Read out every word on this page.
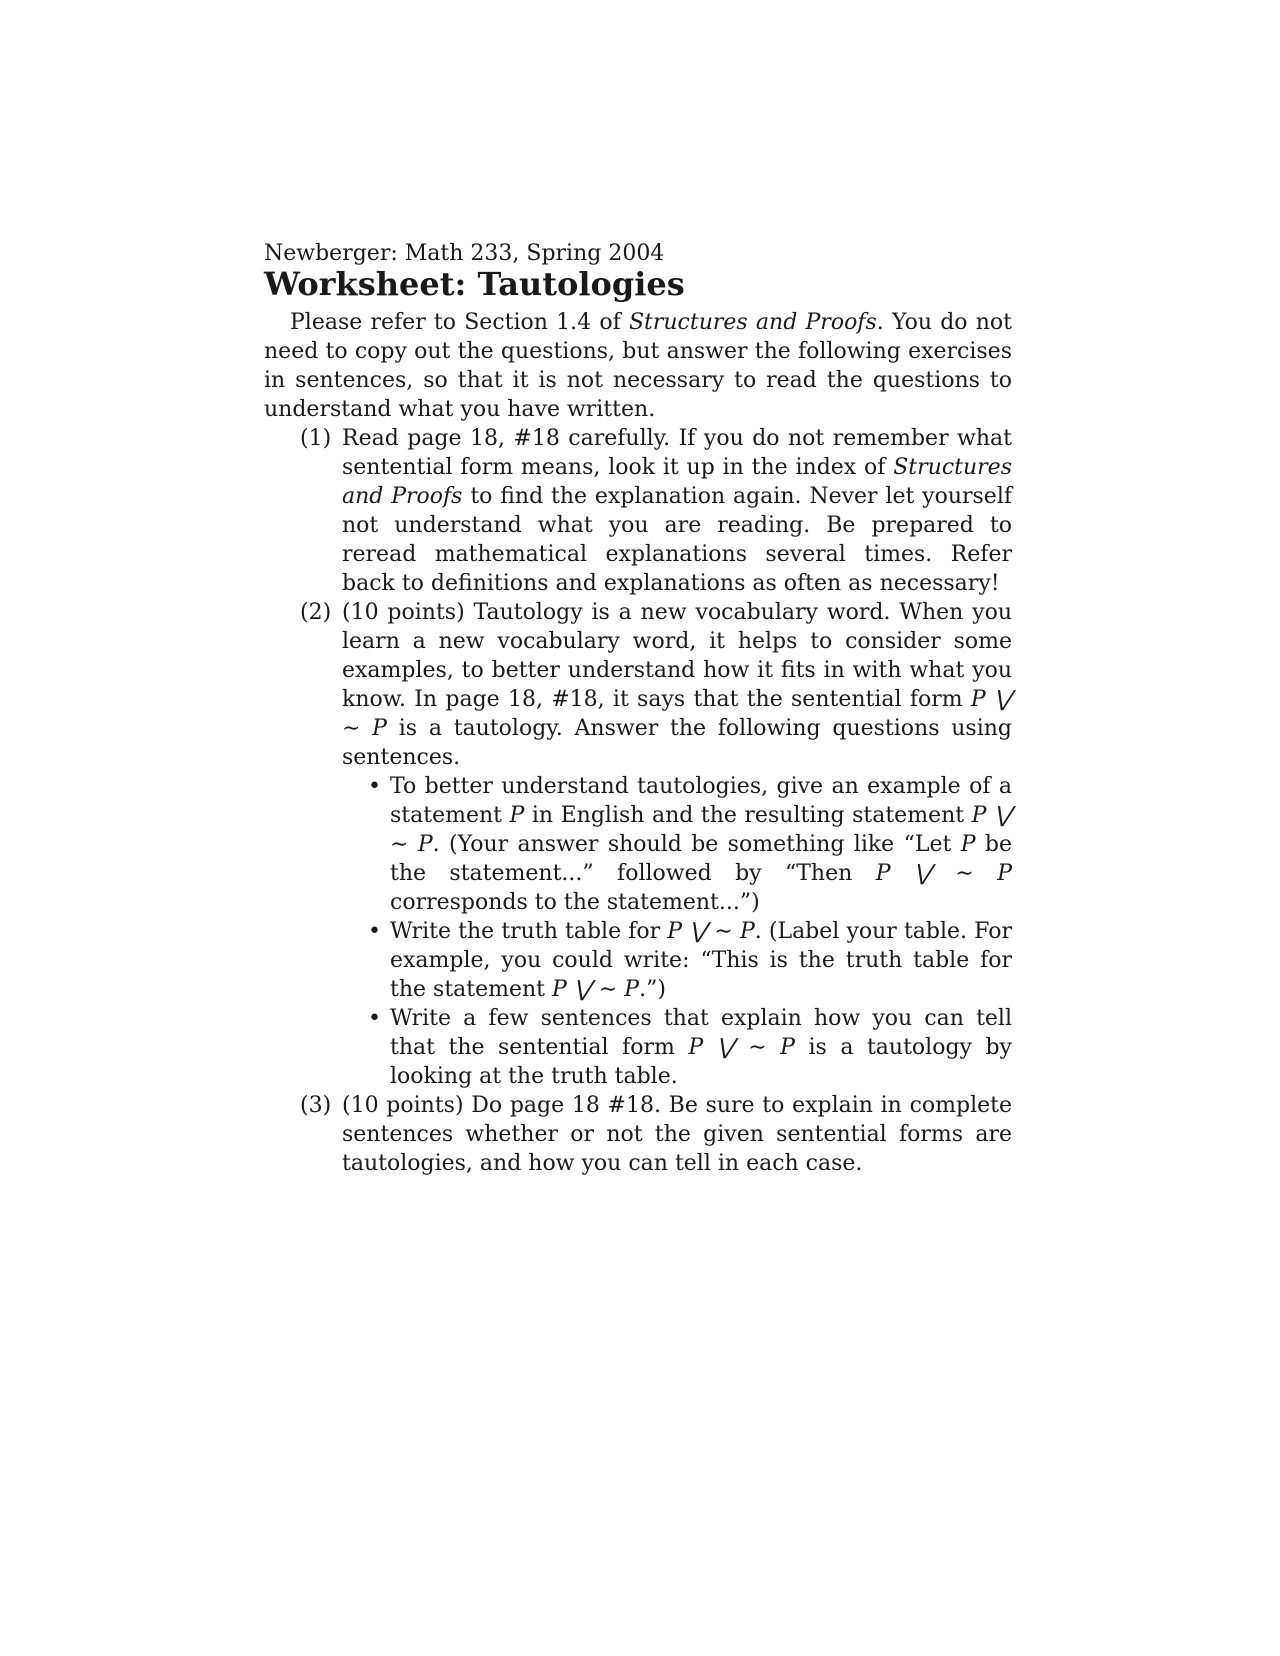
Newberger: Math 233, Spring 2004

Worksheet: Tautologies

Please refer to Section 1.4 of Structures and Proofs. You do not need to copy out the questions, but answer the following exercises in sentences, so that it is not necessary to read the questions to understand what you have written.

(1) Read page 18, #18 carefully. If you do not remember what sentential form means, look it up in the index of Structures and Proofs to find the explanation again. Never let yourself not understand what you are reading. Be prepared to reread mathematical explanations several times. Refer back to definitions and explanations as often as necessary!
(2) (10 points) Tautology is a new vocabulary word. When you learn a new vocabulary word, it helps to consider some examples, to better understand how it fits in with what you know. In page 18, #18, it says that the sentential form P ⋁ ∼ P is a tautology. Answer the following questions using sentences.
• To better understand tautologies, give an example of a statement P in English and the resulting statement P ⋁ ∼ P. (Your answer should be something like “Let P be the statement...” followed by “Then P ⋁ ∼ P corresponds to the statement...”)
• Write the truth table for P ⋁ ∼ P. (Label your table. For example, you could write: “This is the truth table for the statement P ⋁ ∼ P.”)
• Write a few sentences that explain how you can tell that the sentential form P ⋁ ∼ P is a tautology by looking at the truth table.
(3) (10 points) Do page 18 #18. Be sure to explain in complete sentences whether or not the given sentential forms are tautologies, and how you can tell in each case.
